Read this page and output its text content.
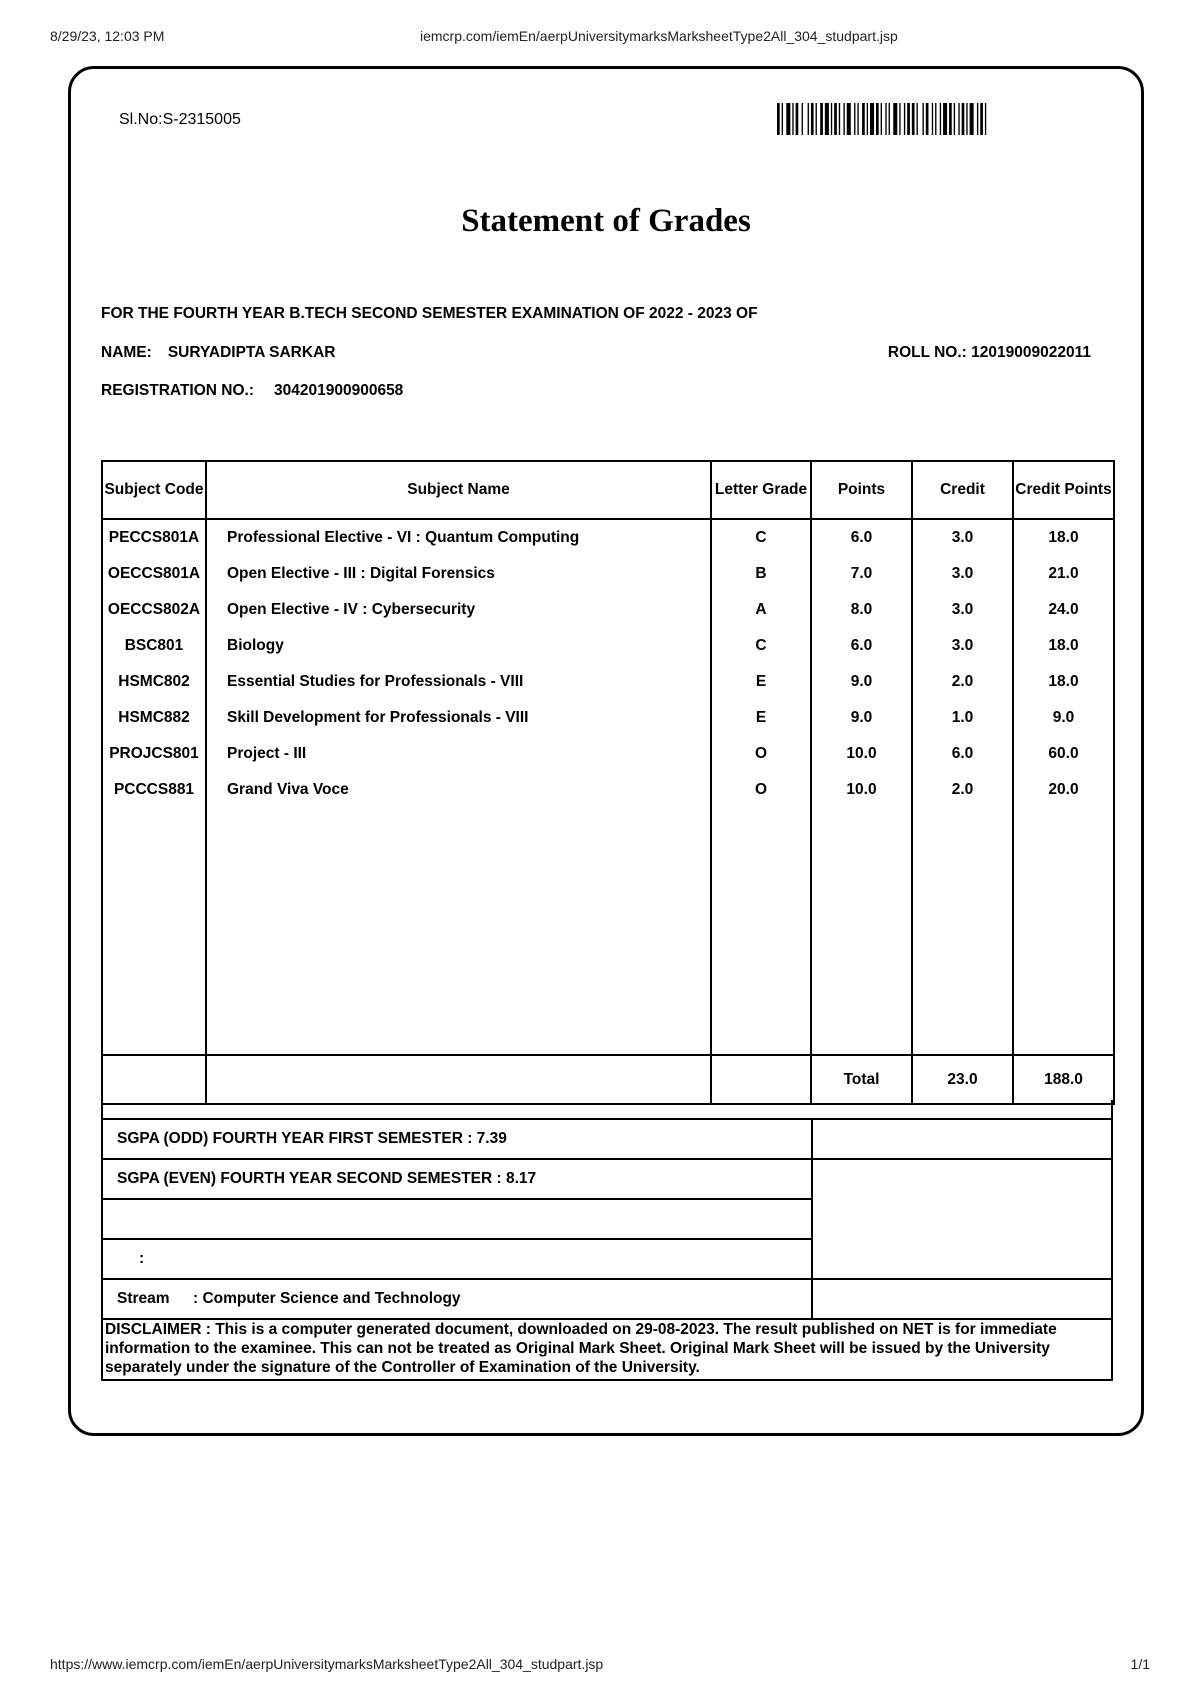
8/29/23, 12:03 PM	iemcrp.com/iemEn/aerpUniversitymarksMarksheetType2All_304_studpart.jsp
Sl.No:S-2315005
Statement of Grades
FOR THE FOURTH YEAR B.TECH SECOND SEMESTER EXAMINATION OF 2022 - 2023 OF
NAME: SURYADIPTA SARKAR	ROLL NO.: 12019009022011
REGISTRATION NO.: 304201900900658
Subject Code	Subject Name	Letter Grade	Points	Credit	Credit Points
PECCS801A	Professional Elective - VI : Quantum Computing	C	6.0	3.0	18.0
OECCS801A	Open Elective - III : Digital Forensics	B	7.0	3.0	21.0
OECCS802A	Open Elective - IV : Cybersecurity	A	8.0	3.0	24.0
BSC801	Biology	C	6.0	3.0	18.0
HSMC802	Essential Studies for Professionals - VIII	E	9.0	2.0	18.0
HSMC882	Skill Development for Professionals - VIII	E	9.0	1.0	9.0
PROJCS801	Project - III	O	10.0	6.0	60.0
PCCCS881	Grand Viva Voce	O	10.0	2.0	20.0

			Total	23.0	188.0
SGPA (ODD) FOURTH YEAR FIRST SEMESTER : 7.39
SGPA (EVEN) FOURTH YEAR SECOND SEMESTER : 8.17
:
Stream	: Computer Science and Technology
DISCLAIMER : This is a computer generated document, downloaded on 29-08-2023. The result published on NET is for immediate information to the examinee. This can not be treated as Original Mark Sheet. Original Mark Sheet will be issued by the University separately under the signature of the Controller of Examination of the University.
https://www.iemcrp.com/iemEn/aerpUniversitymarksMarksheetType2All_304_studpart.jsp	1/1
